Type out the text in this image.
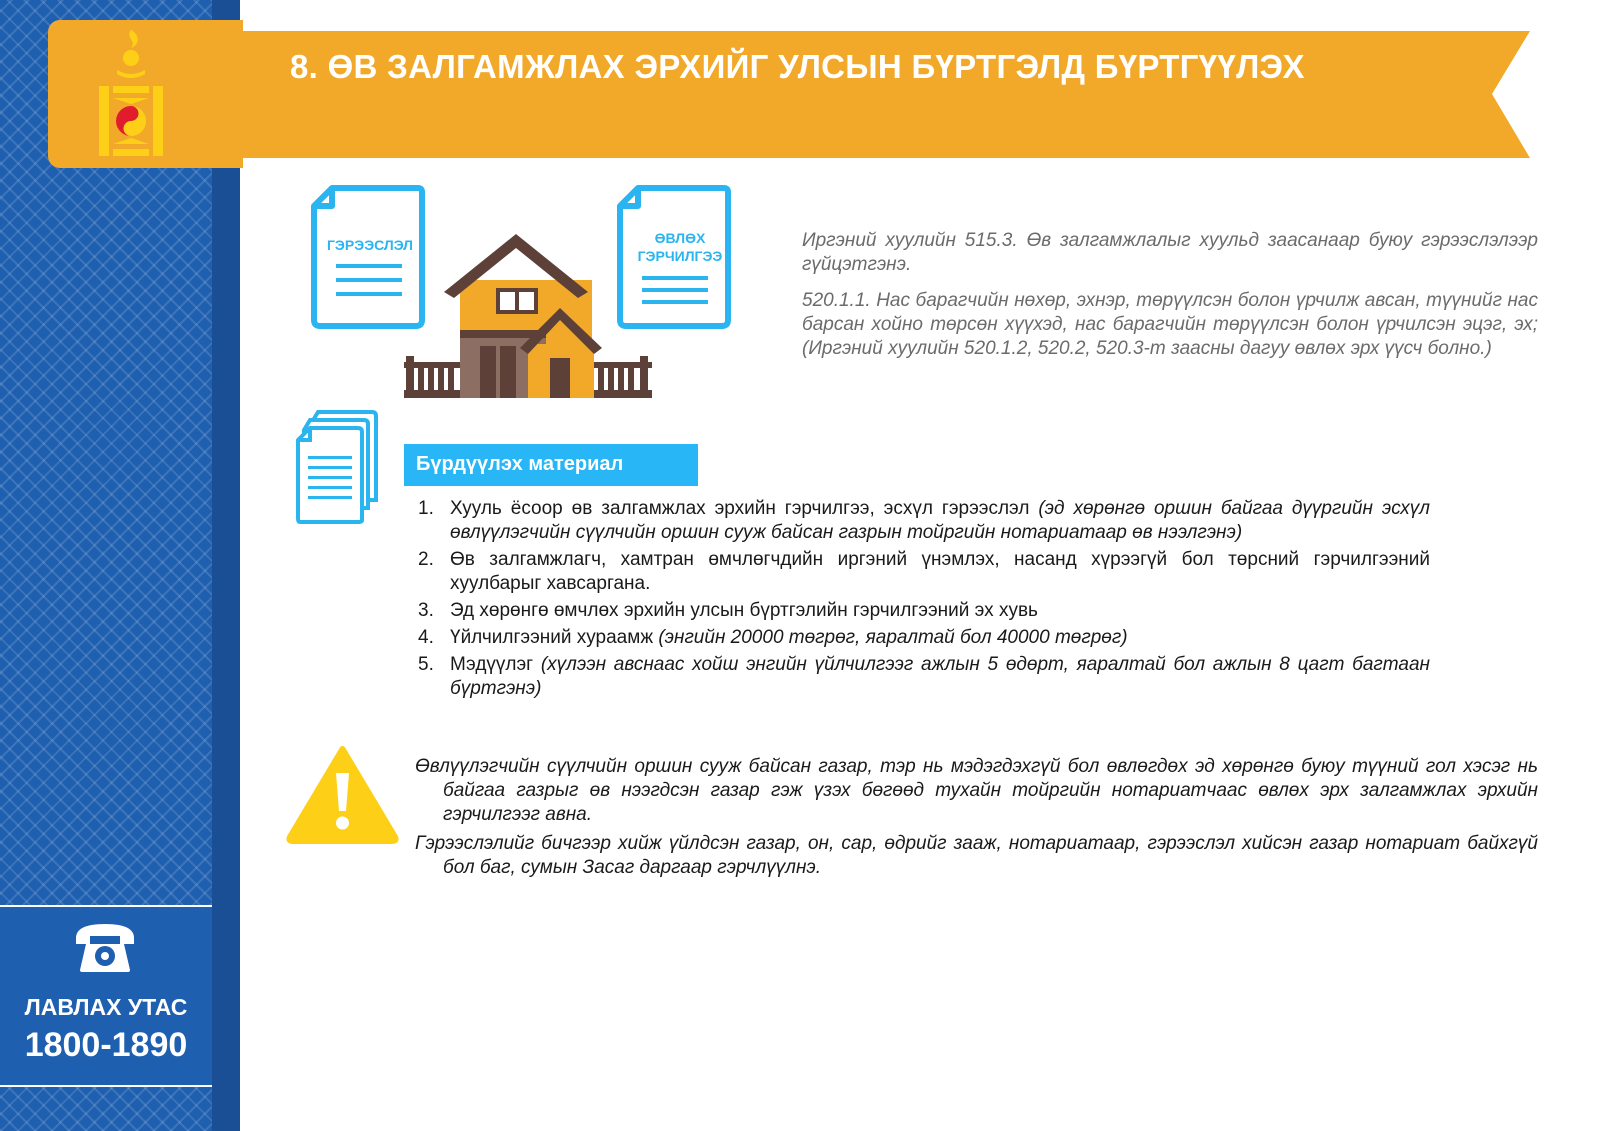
8. ӨВ ЗАЛГАМЖЛАХ ЭРХИЙГ УЛСЫН БҮРТГЭЛД БҮРТГҮҮЛЭХ
ГЭРЭЭСЛЭЛ	ӨВЛӨХ
ГЭРЧИЛГЭЭ

Иргэний хуулийн 515.3. Өв залгамжлалыг хуульд заасанаар буюу гэрээслэлээр гүйцэтгэнэ.

520.1.1. Нас барагчийн нөхөр, эхнэр, төрүүлсэн болон үрчилж авсан, түүнийг нас барсан хойно төрсөн хүүхэд, нас барагчийн төрүүлсэн болон үрчилсэн эцэг, эх; (Иргэний хуулийн 520.1.2, 520.2, 520.3-т заасны дагуу өвлөх эрх үүсч болно.)

Бүрдүүлэх материал
1. Хууль ёсоор өв залгамжлах эрхийн гэрчилгээ, эсхүл гэрээслэл (эд хөрөнгө оршин байгаа дүүргийн эсхүл өвлүүлэгчийн сүүлчийн оршин сууж байсан газрын тойргийн нотариатаар өв нээлгэнэ)
2. Өв залгамжлагч, хамтран өмчлөгчдийн иргэний үнэмлэх, насанд хүрээгүй бол төрсний гэрчилгээний хуулбарыг хавсаргана.
3. Эд хөрөнгө өмчлөх эрхийн улсын бүртгэлийн гэрчилгээний эх хувь
4. Үйлчилгээний хураамж (энгийн 20000 төгрөг, яаралтай бол 40000 төгрөг)
5. Мэдүүлэг (хүлээн авснаас хойш энгийн үйлчилгээг ажлын 5 өдөрт, яаралтай бол ажлын 8 цагт багтаан бүртгэнэ)

Өвлүүлэгчийн сүүлчийн оршин сууж байсан газар, тэр нь мэдэгдэхгүй бол өвлөгдөх эд хөрөнгө буюу түүний гол хэсэг нь байгаа газрыг өв нээгдсэн газар гэж үзэх бөгөөд тухайн тойргийн нотариатчаас өвлөх эрх залгамжлах эрхийн гэрчилгээг авна.

Гэрээслэлийг бичгээр хийж үйлдсэн газар, он, сар, өдрийг зааж, нотариатаар, гэрээслэл хийсэн газар нотариат байхгүй бол баг, сумын Засаг даргаар гэрчлүүлнэ.

ЛАВЛАХ УТАС
1800-1890
